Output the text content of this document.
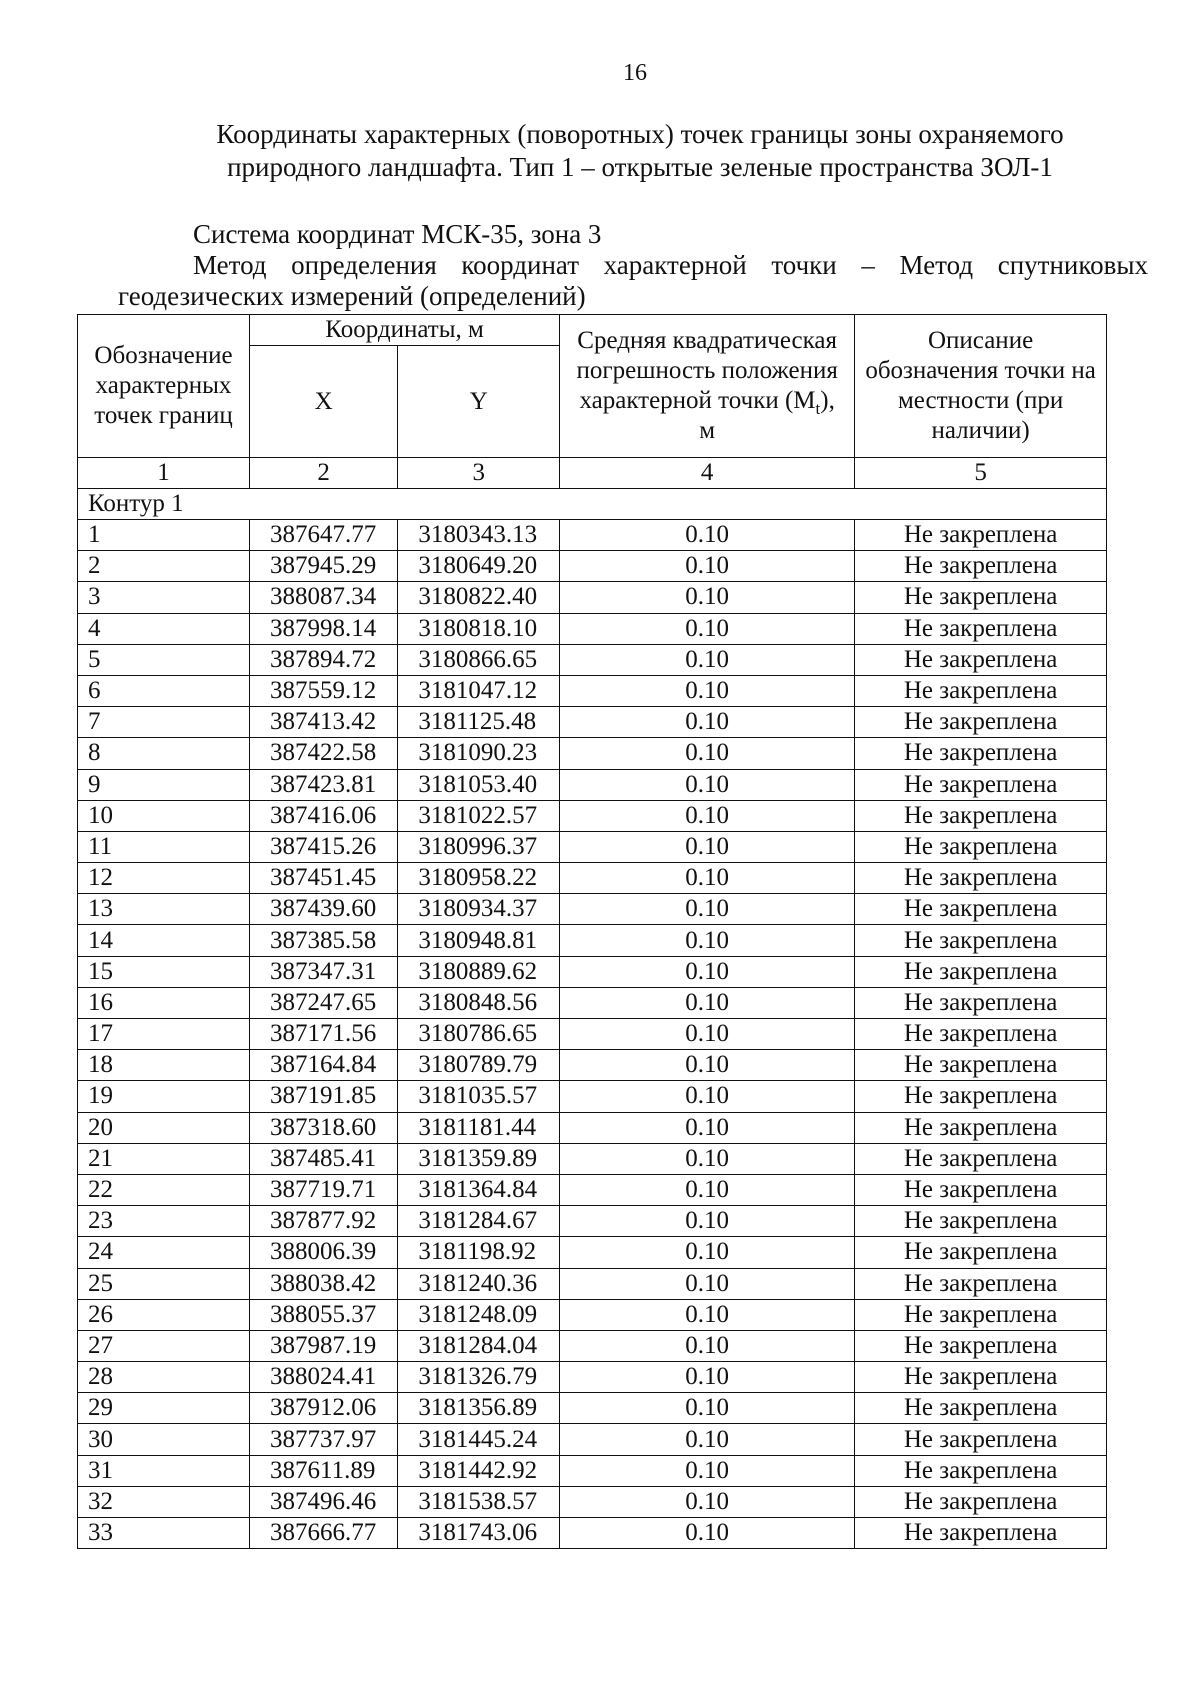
16
Координаты характерных (поворотных) точек границы зоны охраняемого
природного ландшафта. Тип 1 – открытые зеленые пространства ЗОЛ-1
Система координат МСК-35, зона 3
Метод определения координат характерной точки – Метод спутниковых
геодезических измерений (определений)
Обозначение характерных точек границ	Координаты, м		Средняя квадратическая погрешность положения характерной точки $(M_t)$, м	Описание обозначения точки на местности (при наличии)
	X	Y		
1	2	3	4	5
Контур 1				
1	387647.77	3180343.13	0.10	Не закреплена
2	387945.29	3180649.20	0.10	Не закреплена
3	388087.34	3180822.40	0.10	Не закреплена
4	387998.14	3180818.10	0.10	Не закреплена
5	387894.72	3180866.65	0.10	Не закреплена
6	387559.12	3181047.12	0.10	Не закреплена
7	387413.42	3181125.48	0.10	Не закреплена
8	387422.58	3181090.23	0.10	Не закреплена
9	387423.81	3181053.40	0.10	Не закреплена
10	387416.06	3181022.57	0.10	Не закреплена
11	387415.26	3180996.37	0.10	Не закреплена
12	387451.45	3180958.22	0.10	Не закреплена
13	387439.60	3180934.37	0.10	Не закреплена
14	387385.58	3180948.81	0.10	Не закреплена
15	387347.31	3180889.62	0.10	Не закреплена
16	387247.65	3180848.56	0.10	Не закреплена
17	387171.56	3180786.65	0.10	Не закреплена
18	387164.84	3180789.79	0.10	Не закреплена
19	387191.85	3181035.57	0.10	Не закреплена
20	387318.60	3181181.44	0.10	Не закреплена
21	387485.41	3181359.89	0.10	Не закреплена
22	387719.71	3181364.84	0.10	Не закреплена
23	387877.92	3181284.67	0.10	Не закреплена
24	388006.39	3181198.92	0.10	Не закреплена
25	388038.42	3181240.36	0.10	Не закреплена
26	388055.37	3181248.09	0.10	Не закреплена
27	387987.19	3181284.04	0.10	Не закреплена
28	388024.41	3181326.79	0.10	Не закреплена
29	387912.06	3181356.89	0.10	Не закреплена
30	387737.97	3181445.24	0.10	Не закреплена
31	387611.89	3181442.92	0.10	Не закреплена
32	387496.46	3181538.57	0.10	Не закреплена
33	387666.77	3181743.06	0.10	Не закреплена
